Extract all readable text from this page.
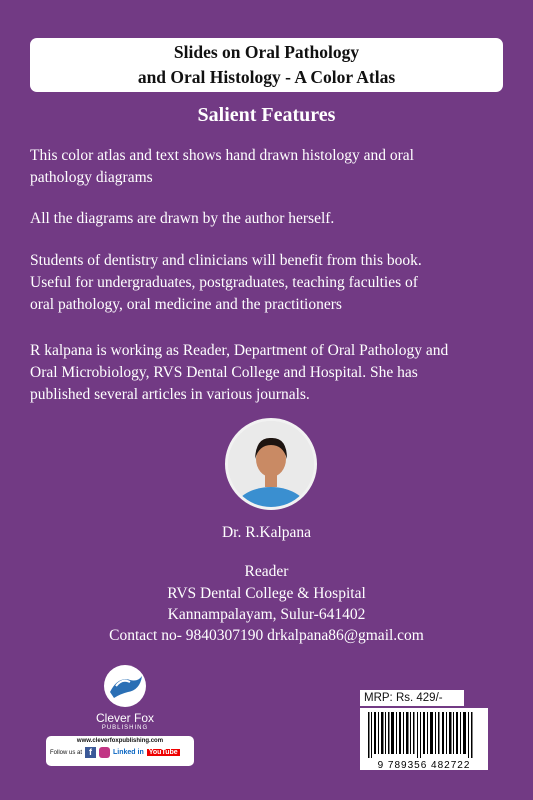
Slides on Oral Pathology
and Oral Histology - A Color Atlas
Salient Features

This color atlas and text shows hand drawn histology and oral
pathology diagrams

All the diagrams are drawn by the author herself.

Students of dentistry and clinicians will benefit from this book.
Useful for undergraduates, postgraduates, teaching faculties of
oral pathology, oral medicine and the practitioners

R kalpana is working as Reader, Department of Oral Pathology and
Oral Microbiology, RVS Dental College and Hospital. She has
published several articles in various journals.

Dr. R.Kalpana
Reader
RVS Dental College & Hospital
Kannampalayam, Sulur-641402
Contact no- 9840307190 drkalpana86@gmail.com
Clever Fox
PUBLISHING
www.cleverfoxpublishing.com
Follow us at f	Linked in YouTube
MRP: Rs. 429/-
9 789356 482722
